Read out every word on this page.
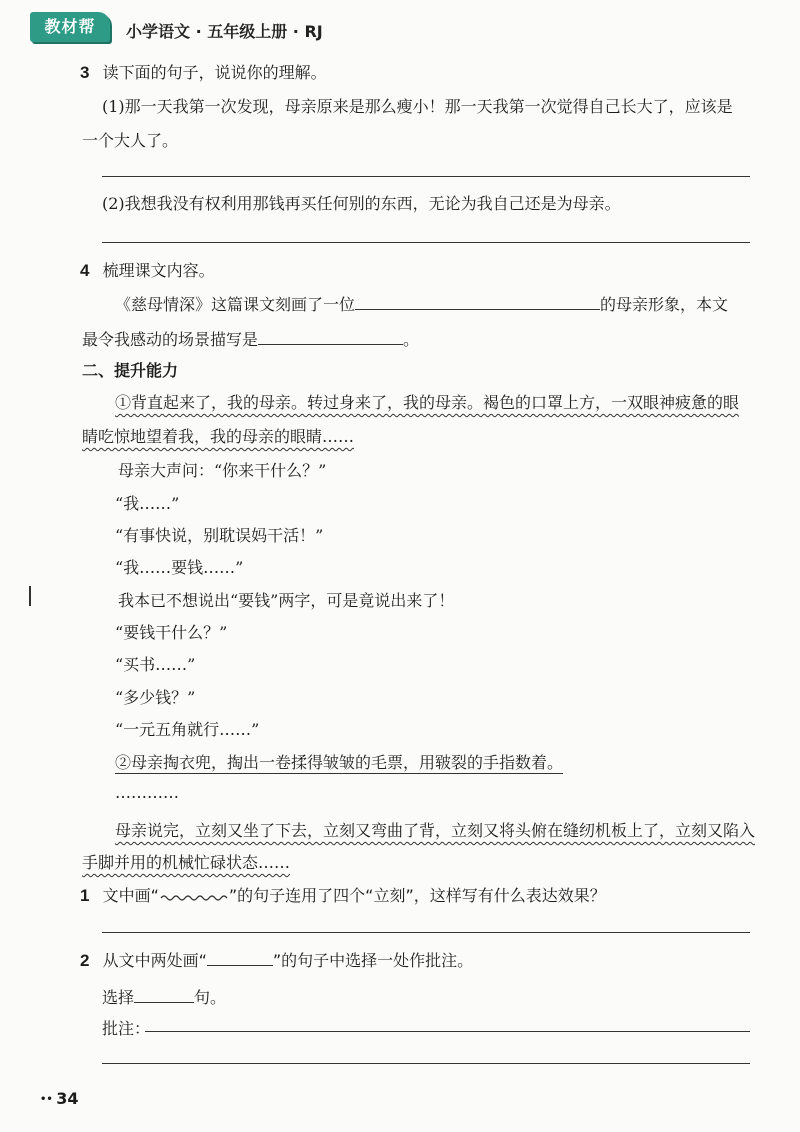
教材帮	小学语文 · 五年级上册 · RJ
3 读下面的句子，说说你的理解。
(1)那一天我第一次发现，母亲原来是那么瘦小！那一天我第一次觉得自己长大了，应该是
一个大人了。
(2)我想我没有权利用那钱再买任何别的东西，无论为我自己还是为母亲。
4 梳理课文内容。
《慈母情深》这篇课文刻画了一位	的母亲形象，本文
最令我感动的场景描写是	。
二、提升能力
①背直起来了，我的母亲。转过身来了，我的母亲。褐色的口罩上方，一双眼神疲惫的眼
睛吃惊地望着我，我的母亲的眼睛……
母亲大声问：“你来干什么？”
“我……”
“有事快说，别耽误妈干活！”
“我……要钱……”
我本已不想说出“要钱”两字，可是竟说出来了！
“要钱干什么？”
“买书……”
“多少钱？”
“一元五角就行……”
②母亲掏衣兜，掏出一卷揉得皱皱的毛票，用皲裂的手指数着。
…………
母亲说完，立刻又坐了下去，立刻又弯曲了背，立刻又将头俯在缝纫机板上了，立刻又陷入
手脚并用的机械忙碌状态……
1 文中画“	”的句子连用了四个“立刻”，这样写有什么表达效果？
2 从文中两处画“	”的句子中选择一处作批注。
选择	句。
批注：
•• 34
